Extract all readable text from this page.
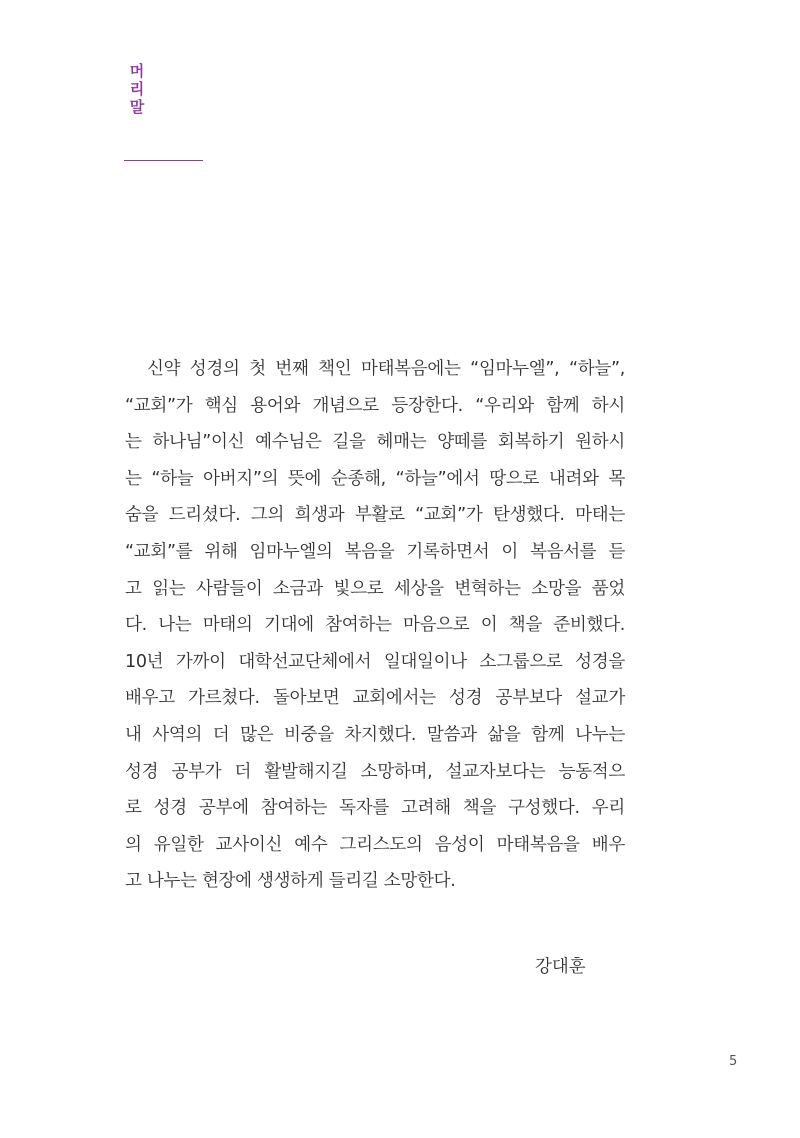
머
리
말
신약 성경의 첫 번째 책인 마태복음에는 “임마누엘”, “하늘”,
“교회”가 핵심 용어와 개념으로 등장한다. “우리와 함께 하시
는 하나님”이신 예수님은 길을 헤매는 양떼를 회복하기 원하시
는 “하늘 아버지”의 뜻에 순종해, “하늘”에서 땅으로 내려와 목
숨을 드리셨다. 그의 희생과 부활로 “교회”가 탄생했다. 마태는
“교회”를 위해 임마누엘의 복음을 기록하면서 이 복음서를 듣
고 읽는 사람들이 소금과 빛으로 세상을 변혁하는 소망을 품었
다. 나는 마태의 기대에 참여하는 마음으로 이 책을 준비했다.
10년 가까이 대학선교단체에서 일대일이나 소그룹으로 성경을
배우고 가르쳤다. 돌아보면 교회에서는 성경 공부보다 설교가
내 사역의 더 많은 비중을 차지했다. 말씀과 삶을 함께 나누는
성경 공부가 더 활발해지길 소망하며, 설교자보다는 능동적으
로 성경 공부에 참여하는 독자를 고려해 책을 구성했다. 우리
의 유일한 교사이신 예수 그리스도의 음성이 마태복음을 배우
고 나누는 현장에 생생하게 들리길 소망한다.
강대훈
5
